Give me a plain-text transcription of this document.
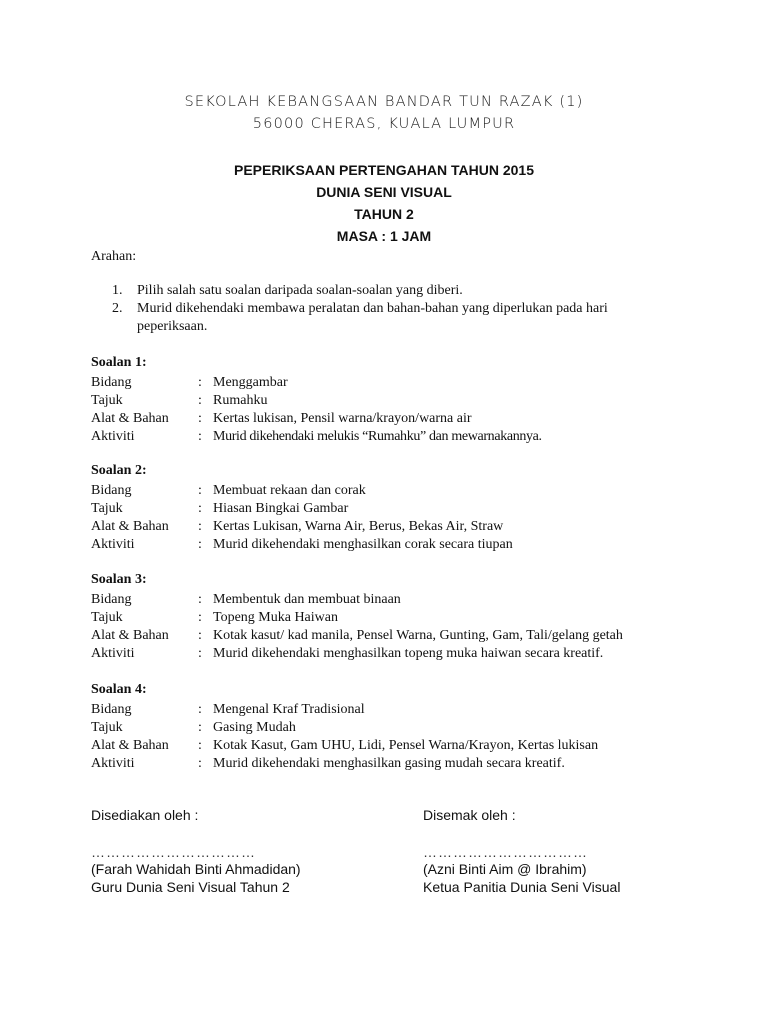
SEKOLAH KEBANGSAAN BANDAR TUN RAZAK (1)
56000 CHERAS, KUALA LUMPUR
PEPERIKSAAN PERTENGAHAN TAHUN 2015
DUNIA SENI VISUAL
TAHUN 2
MASA : 1 JAM
Arahan:
1.	Pilih salah satu soalan daripada soalan-soalan yang diberi.
2.	Murid dikehendaki membawa peralatan dan bahan-bahan yang diperlukan pada hari
peperiksaan.
Soalan 1:
Bidang	: Menggambar
Tajuk	: Rumahku
Alat & Bahan : Kertas lukisan, Pensil warna/krayon/warna air
Aktiviti	: Murid dikehendaki melukis “Rumahku” dan mewarnakannya.
Soalan 2:
Bidang	: Membuat rekaan dan corak
Tajuk	: Hiasan Bingkai Gambar
Alat & Bahan : Kertas Lukisan, Warna Air, Berus, Bekas Air, Straw
Aktiviti	: Murid dikehendaki menghasilkan corak secara tiupan
Soalan 3:
Bidang	: Membentuk dan membuat binaan
Tajuk	: Topeng Muka Haiwan
Alat & Bahan : Kotak kasut/ kad manila, Pensel Warna, Gunting, Gam, Tali/gelang getah
Aktiviti	: Murid dikehendaki menghasilkan topeng muka haiwan secara kreatif.
Soalan 4:
Bidang	: Mengenal Kraf Tradisional
Tajuk	: Gasing Mudah
Alat & Bahan : Kotak Kasut, Gam UHU, Lidi, Pensel Warna/Krayon, Kertas lukisan
Aktiviti	: Murid dikehendaki menghasilkan gasing mudah secara kreatif.
Disediakan oleh :
……………………………
(Farah Wahidah Binti Ahmadidan)
Guru Dunia Seni Visual Tahun 2
Disemak oleh :
……………………………
(Azni Binti Aim @ Ibrahim)
Ketua Panitia Dunia Seni Visual
